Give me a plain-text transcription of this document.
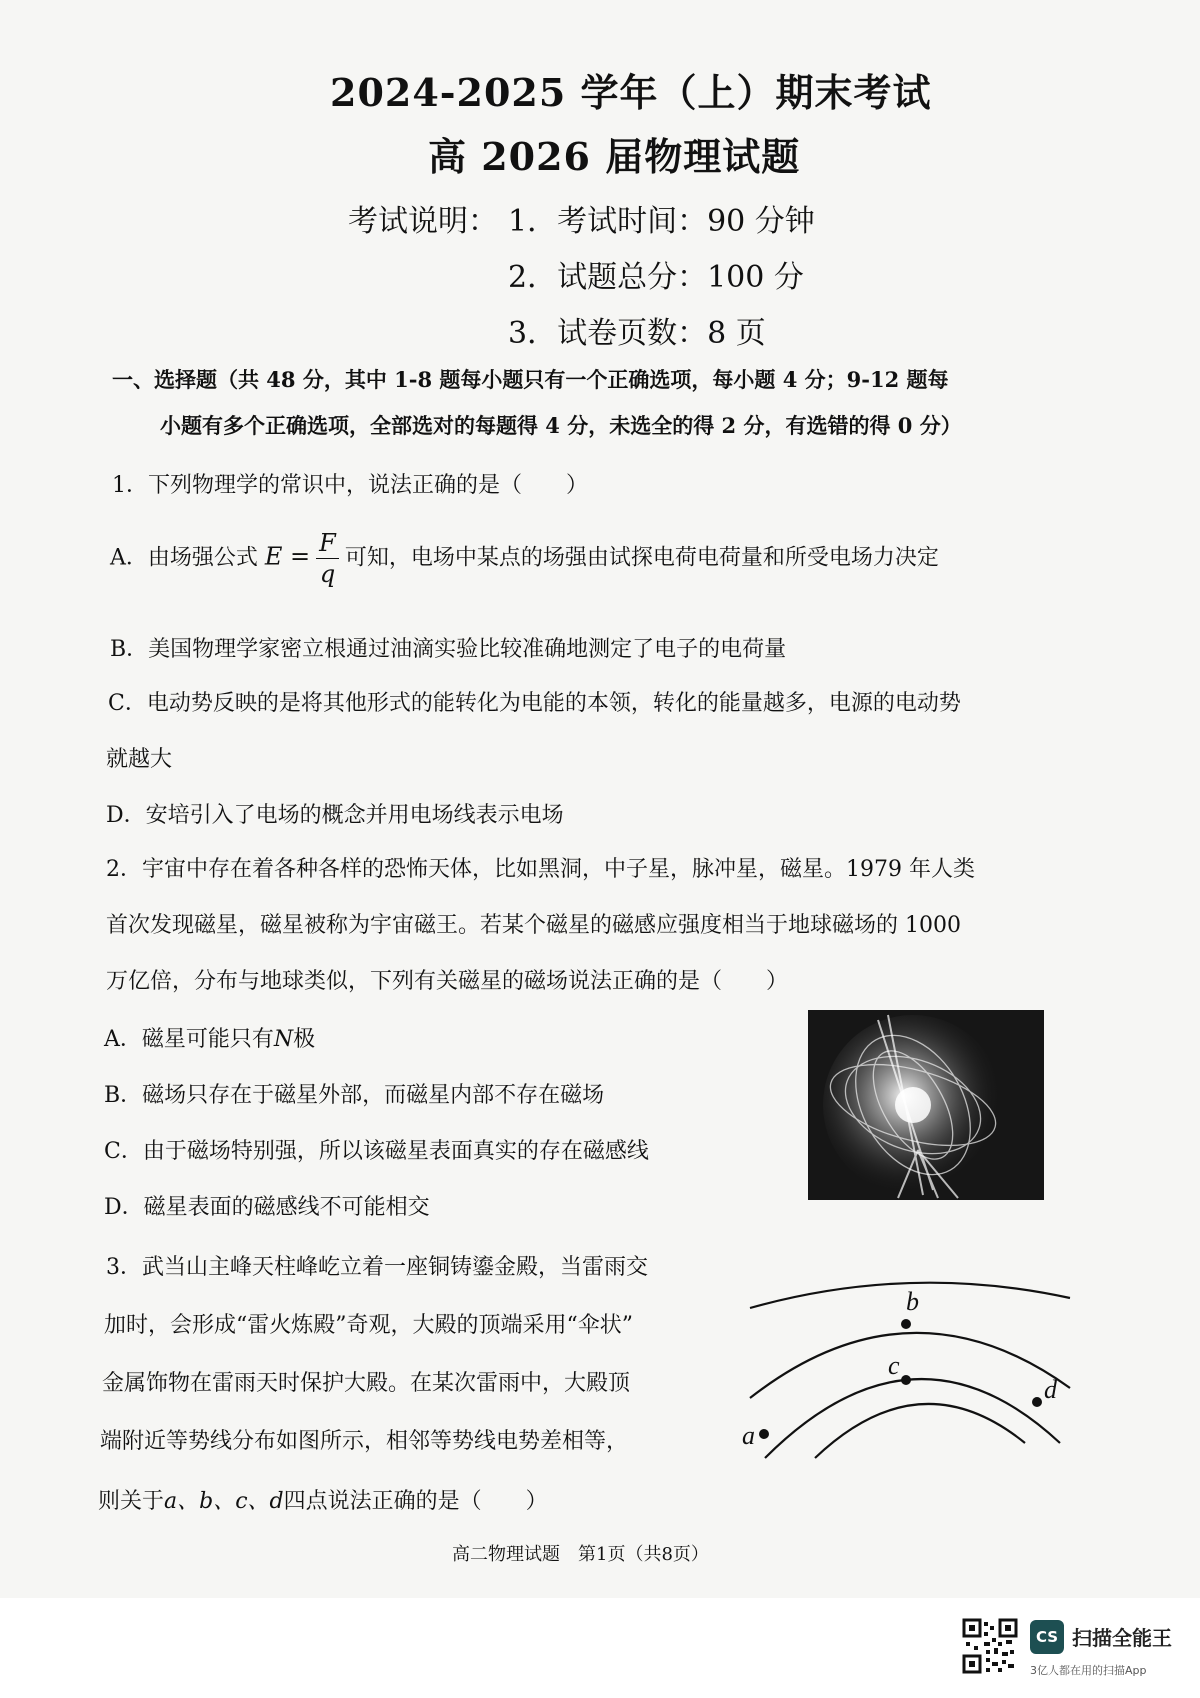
2024-2025 学年（上）期末考试
高 2026 届物理试题
考试说明： 1．考试时间：90 分钟
2．试题总分：100 分
3．试卷页数：8 页
一、选择题（共 48 分，其中 1-8 题每小题只有一个正确选项，每小题 4 分；9-12 题每
小题有多个正确选项，全部选对的每题得 4 分，未选全的得 2 分，有选错的得 0 分）
1．下列物理学的常识中，说法正确的是（　　）
A．由场强公式 $E = \frac{F}{q}$ 可知，电场中某点的场强由试探电荷电荷量和所受电场力决定
B．美国物理学家密立根通过油滴实验比较准确地测定了电子的电荷量
C．电动势反映的是将其他形式的能转化为电能的本领，转化的能量越多，电源的电动势
就越大
D．安培引入了电场的概念并用电场线表示电场
2．宇宙中存在着各种各样的恐怖天体，比如黑洞，中子星，脉冲星，磁星。1979 年人类
首次发现磁星，磁星被称为宇宙磁王。若某个磁星的磁感应强度相当于地球磁场的 1000
万亿倍，分布与地球类似，下列有关磁星的磁场说法正确的是（　　）
A．磁星可能只有N极
B．磁场只存在于磁星外部，而磁星内部不存在磁场
C．由于磁场特别强，所以该磁星表面真实的存在磁感线
D．磁星表面的磁感线不可能相交
3．武当山主峰天柱峰屹立着一座铜铸鎏金殿，当雷雨交
加时，会形成“雷火炼殿”奇观，大殿的顶端采用“伞状”
金属饰物在雷雨天时保护大殿。在某次雷雨中，大殿顶
端附近等势线分布如图所示，相邻等势线电势差相等，
则关于a、b、c、d四点说法正确的是（　　）
a
b
c
d
高二物理试题　第1页（共8页）
CS 扫描全能王
3亿人都在用的扫描App
